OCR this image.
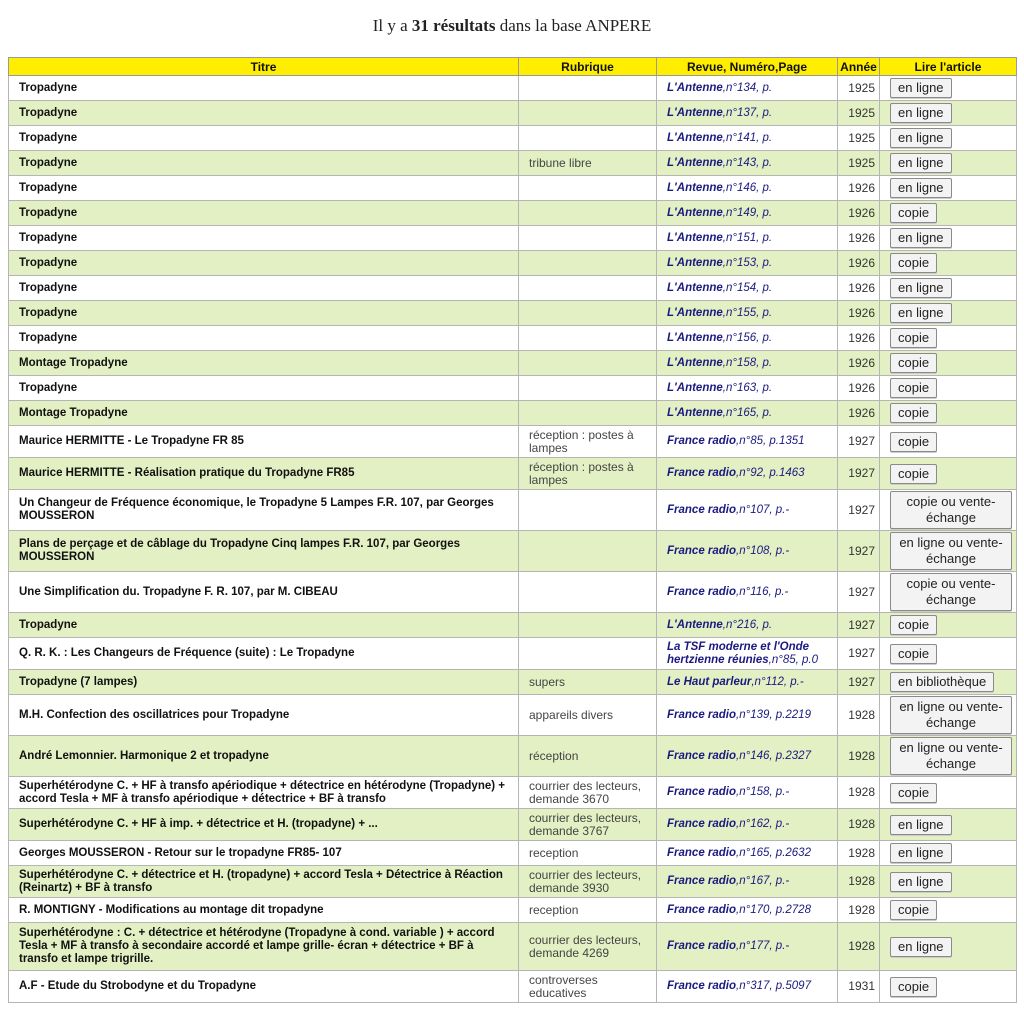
Il y a 31 résultats dans la base ANPERE
Titre	Rubrique	Revue, Numéro,Page	Année	Lire l'article
Tropadyne		L'Antenne,n°134, p.	1925	en ligne
Tropadyne		L'Antenne,n°137, p.	1925	en ligne
Tropadyne		L'Antenne,n°141, p.	1925	en ligne
Tropadyne	tribune libre	L'Antenne,n°143, p.	1925	en ligne
Tropadyne		L'Antenne,n°146, p.	1926	en ligne
Tropadyne		L'Antenne,n°149, p.	1926	copie
Tropadyne		L'Antenne,n°151, p.	1926	en ligne
Tropadyne		L'Antenne,n°153, p.	1926	copie
Tropadyne		L'Antenne,n°154, p.	1926	en ligne
Tropadyne		L'Antenne,n°155, p.	1926	en ligne
Tropadyne		L'Antenne,n°156, p.	1926	copie
Montage Tropadyne		L'Antenne,n°158, p.	1926	copie
Tropadyne		L'Antenne,n°163, p.	1926	copie
Montage Tropadyne		L'Antenne,n°165, p.	1926	copie
Maurice HERMITTE - Le Tropadyne FR 85	réception : postes à lampes	France radio,n°85, p.1351	1927	copie
Maurice HERMITTE - Réalisation pratique du Tropadyne FR85	réception : postes à lampes	France radio,n°92, p.1463	1927	copie
Un Changeur de Fréquence économique, le Tropadyne 5 Lampes F.R. 107, par Georges MOUSSERON		France radio,n°107, p.-	1927	copie ou vente-échange
Plans de perçage et de câblage du Tropadyne Cinq lampes F.R. 107, par Georges MOUSSERON		France radio,n°108, p.-	1927	en ligne ou vente-échange
Une Simplification du. Tropadyne F. R. 107, par M. CIBEAU		France radio,n°116, p.-	1927	copie ou vente-échange
Tropadyne		L'Antenne,n°216, p.	1927	copie
Q. R. K. : Les Changeurs de Fréquence (suite) : Le Tropadyne		La TSF moderne et l'Onde hertzienne réunies,n°85, p.0	1927	copie
Tropadyne (7 lampes)	supers	Le Haut parleur,n°112, p.-	1927	en bibliothèque
M.H. Confection des oscillatrices pour Tropadyne	appareils divers	France radio,n°139, p.2219	1928	en ligne ou vente-échange
André Lemonnier. Harmonique 2 et tropadyne	réception	France radio,n°146, p.2327	1928	en ligne ou vente-échange
Superhétérodyne C. + HF à transfo apériodique + détectrice en hétérodyne (Tropadyne) + accord Tesla + MF à transfo apériodique + détectrice + BF à transfo	courrier des lecteurs, demande 3670	France radio,n°158, p.-	1928	copie
Superhétérodyne C. + HF à imp. + détectrice et H. (tropadyne) + ...	courrier des lecteurs, demande 3767	France radio,n°162, p.-	1928	en ligne
Georges MOUSSERON - Retour sur le tropadyne FR85- 107	reception	France radio,n°165, p.2632	1928	en ligne
Superhétérodyne C. + détectrice et H. (tropadyne) + accord Tesla + Détectrice à Réaction (Reinartz) + BF à transfo	courrier des lecteurs, demande 3930	France radio,n°167, p.-	1928	en ligne
R. MONTIGNY - Modifications au montage dit tropadyne	reception	France radio,n°170, p.2728	1928	copie
Superhétérodyne : C. + détectrice et hétérodyne (Tropadyne à cond. variable ) + accord Tesla + MF à transfo à secondaire accordé et lampe grille- écran + détectrice + BF à transfo et lampe trigrille.	courrier des lecteurs, demande 4269	France radio,n°177, p.-	1928	en ligne
A.F - Etude du Strobodyne et du Tropadyne	controverses educatives	France radio,n°317, p.5097	1931	copie
